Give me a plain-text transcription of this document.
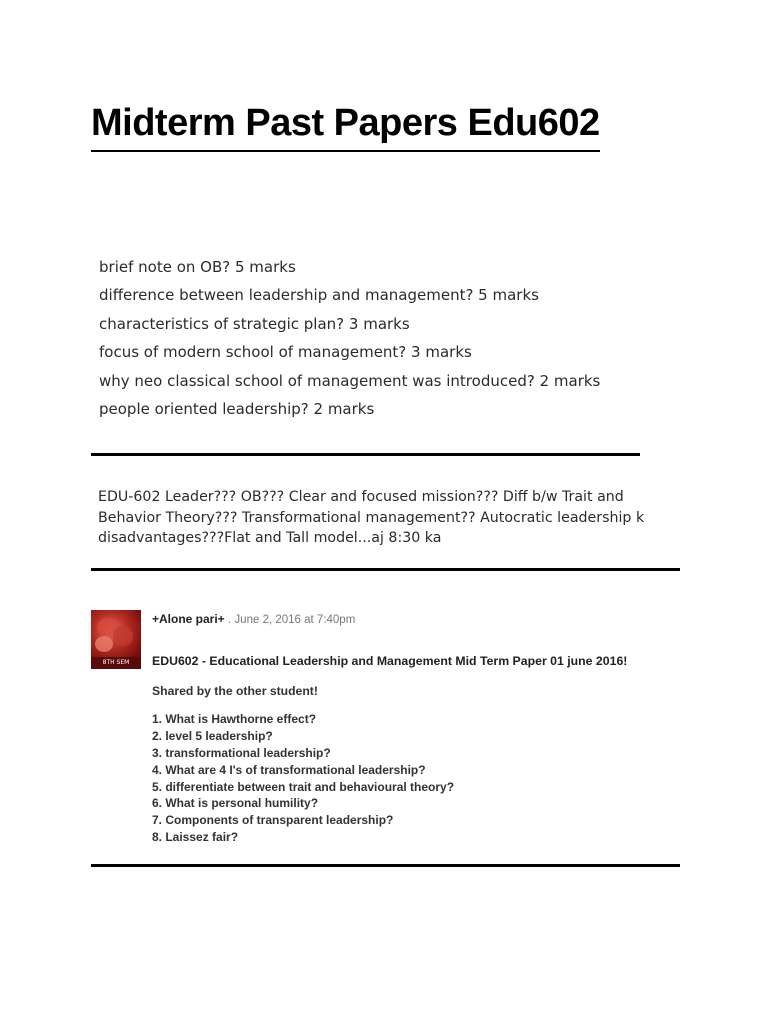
Midterm Past Papers Edu602
brief note on OB? 5 marks
difference between leadership and management? 5 marks
characteristics of strategic plan? 3 marks
focus of modern school of management? 3 marks
why neo classical school of management was introduced? 2 marks
people oriented leadership? 2 marks

EDU-602 Leader??? OB??? Clear and focused mission??? Diff b/w Trait and Behavior Theory??? Transformational management?? Autocratic leadership k disadvantages???Flat and Tall model...aj 8:30 ka

8TH SEM
+Alone pari+ . June 2, 2016 at 7:40pm

EDU602 - Educational Leadership and Management Mid Term Paper 01 june 2016!

Shared by the other student!

1. What is Hawthorne effect?
2. level 5 leadership?
3. transformational leadership?
4. What are 4 I's of transformational leadership?
5. differentiate between trait and behavioural theory?
6. What is personal humility?
7. Components of transparent leadership?
8. Laissez fair?
